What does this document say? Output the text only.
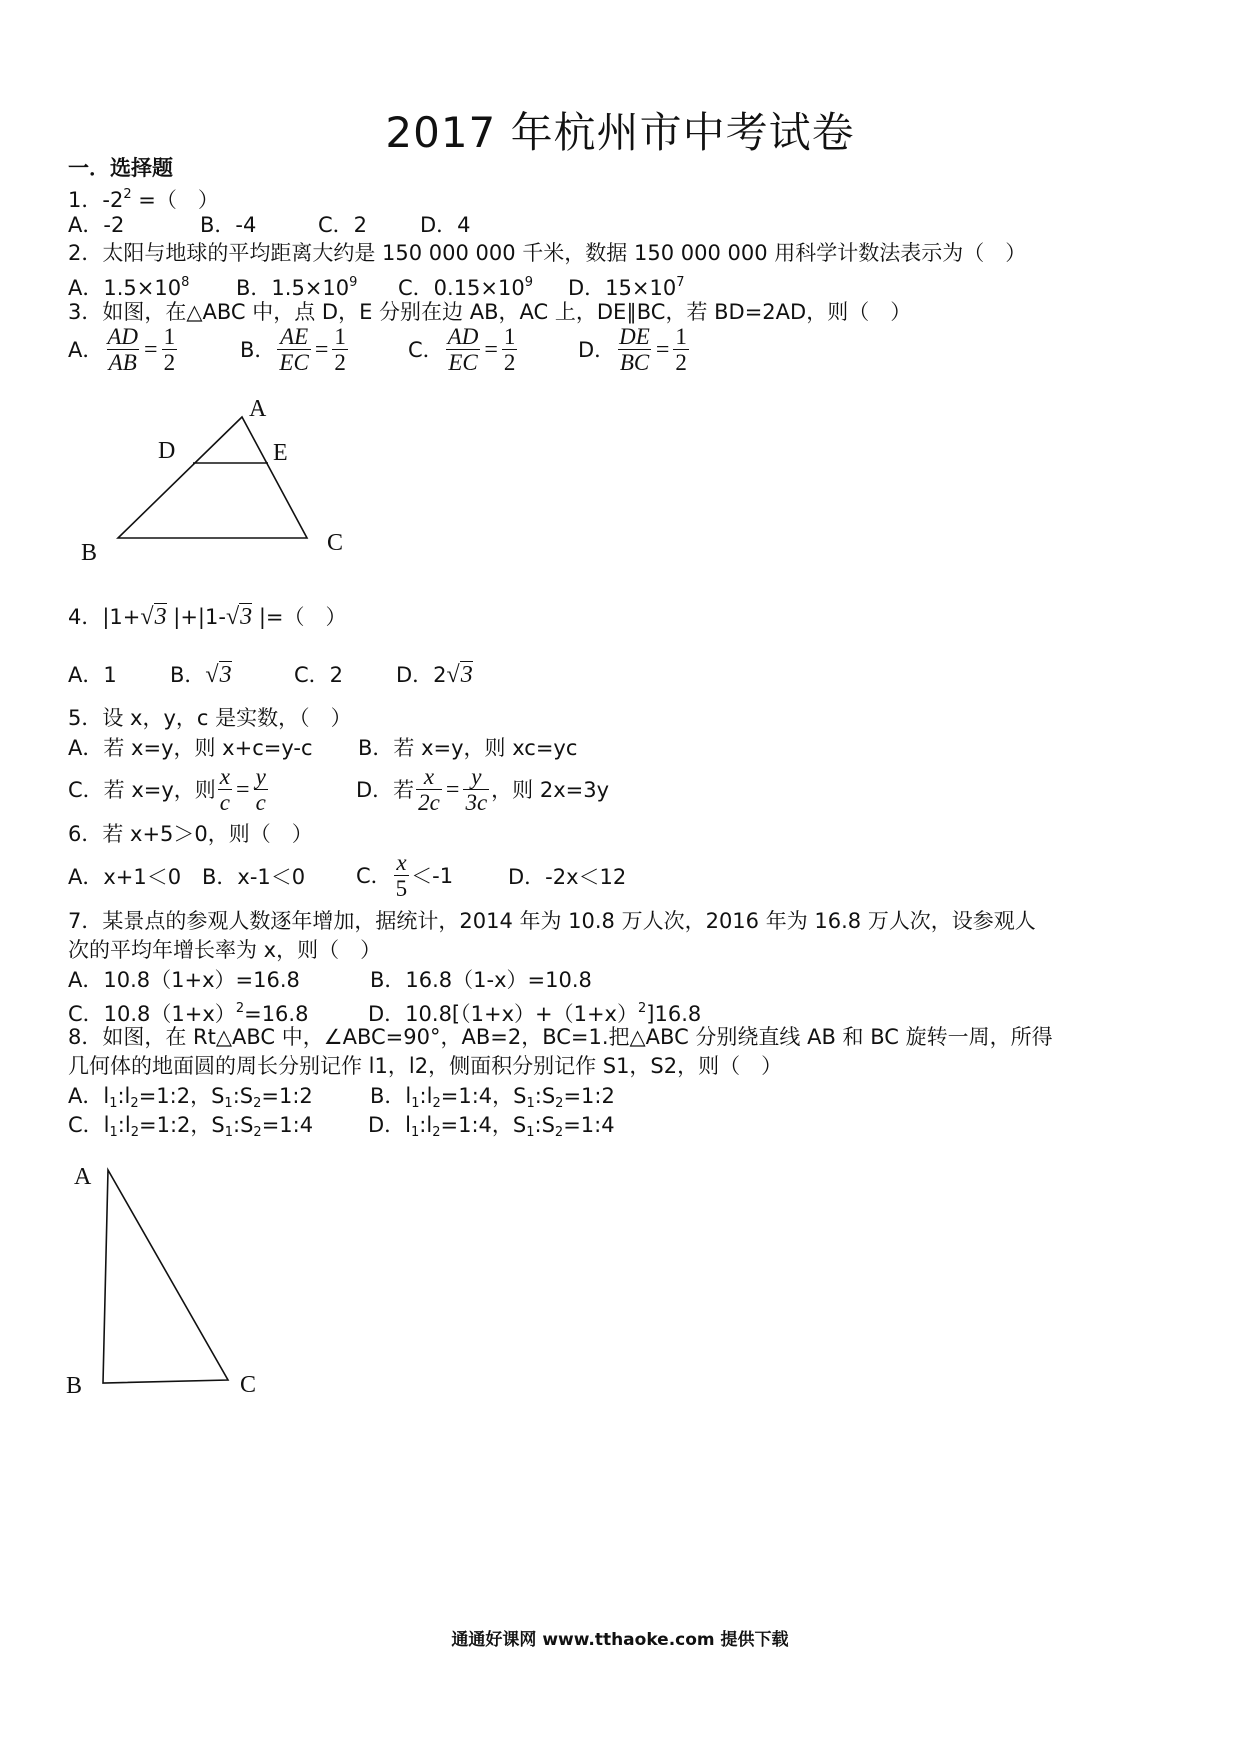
2017 年杭州市中考试卷
一．选择题
1．$-2^2$ =（　）
A．-2	B．-4	C．2	D．4
2．太阳与地球的平均距离大约是 150 000 000 千米，数据 150 000 000 用科学计数法表示为（　）
A．$1.5\times 10^8$ B．$1.5\times 10^9$ C．$0.15\times 10^9$ D．$15\times 10^7$
3．如图，在△ABC 中，点 D，E 分别在边 AB，AC 上，DE∥BC，若 BD=2AD，则（　）
A． $\frac{AD}{AB} = \frac{1}{2}$	B． $\frac{AE}{EC} = \frac{1}{2}$	C． $\frac{AD}{EC} = \frac{1}{2}$	D． $\frac{DE}{BC} = \frac{1}{2}$
A
D	E
B	C
4．|1+√3 |+|1-√3 |=（　）
A．1	B．√3	C．2	D．2√3
5．设 x，y，c 是实数，（　）
A．若 x=y，则 x+c=y-c B．若 x=y，则 xc=yc
C．若 x=y，则 $\frac{x}{c} = \frac{y}{c}$	D．若 $\frac{x}{2c} = \frac{y}{3c}$ ，则 2x=3y
6．若 x+5＞0，则（　）
A．x+1＜0 B．x-1＜0 C． $\frac{x}{5} <-1$	D．-2x＜12
7．某景点的参观人数逐年增加，据统计，2014 年为 10.8 万人次，2016 年为 16.8 万人次，设参观人
次的平均年增长率为 x，则（　）
A．10.8（1+x）=16.8	B．16.8（1-x）=10.8
C．$10.8(1+x)^2=16.8$	D．$10.8[(1+x)+(1+x)^2]16.8$
8．如图，在 Rt△ABC 中，∠ABC=90°，AB=2，BC=1.把△ABC 分别绕直线 AB 和 BC 旋转一周，所得
几何体的地面圆的周长分别记作 l1，l2，侧面积分别记作 S1，S2，则（　）
A．$l_1:l_2=1:2$，$S_1:S_2=1:2$	B．$l_1:l_2=1:4$，$S_1:S_2=1:2$
C．$l_1:l_2=1:2$，$S_1:S_2=1:4$	D．$l_1:l_2=1:4$，$S_1:S_2=1:4$
A
B	C
通通好课网 www.tthaoke.com 提供下载
